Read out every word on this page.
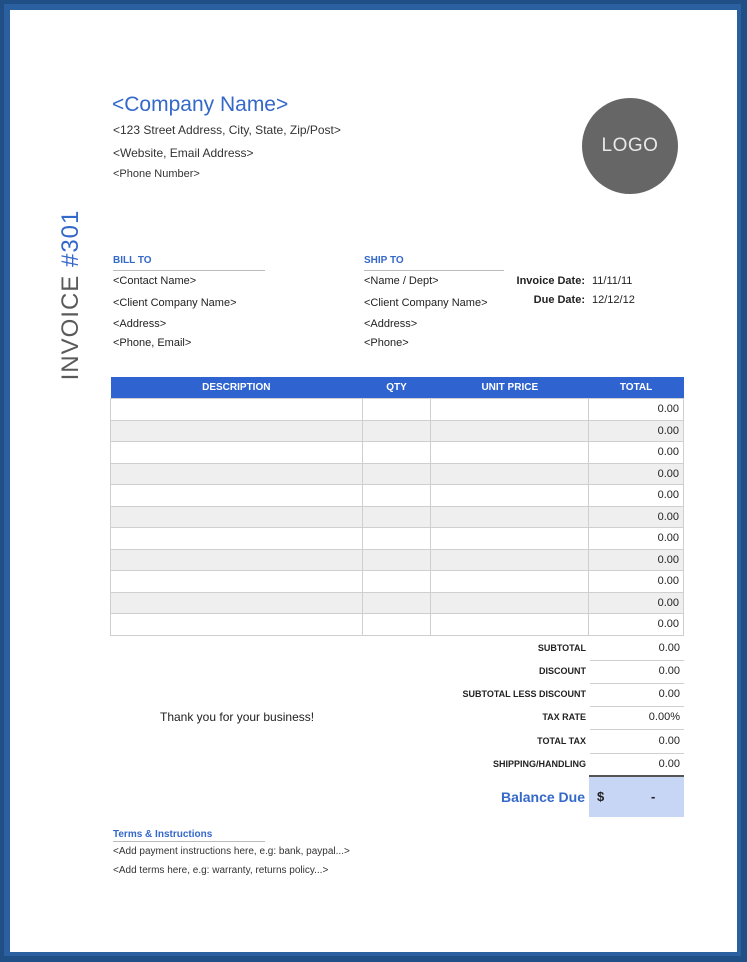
<Company Name>
<123 Street Address, City, State, Zip/Post>
<Website, Email Address>
<Phone Number>
LOGO
INVOICE #301	BILL TO
<Contact Name>
<Client Company Name>
<Address>
<Phone, Email>
SHIP TO
<Name / Dept>
<Client Company Name>
<Address>
<Phone>
Invoice Date: 11/11/11
Due Date: 12/12/12
DESCRIPTION	QTY	UNIT PRICE	TOTAL
			0.00
			0.00
			0.00
			0.00
			0.00
			0.00
			0.00
			0.00
			0.00
			0.00
			0.00
SUBTOTAL	0.00
DISCOUNT	0.00
SUBTOTAL LESS DISCOUNT	0.00
TAX RATE	0.00%
TOTAL TAX	0.00
SHIPPING/HANDLING	0.00
Thank you for your business!
Balance Due $	-
Terms & Instructions
<Add payment instructions here, e.g: bank, paypal...>
<Add terms here, e.g: warranty, returns policy...>
